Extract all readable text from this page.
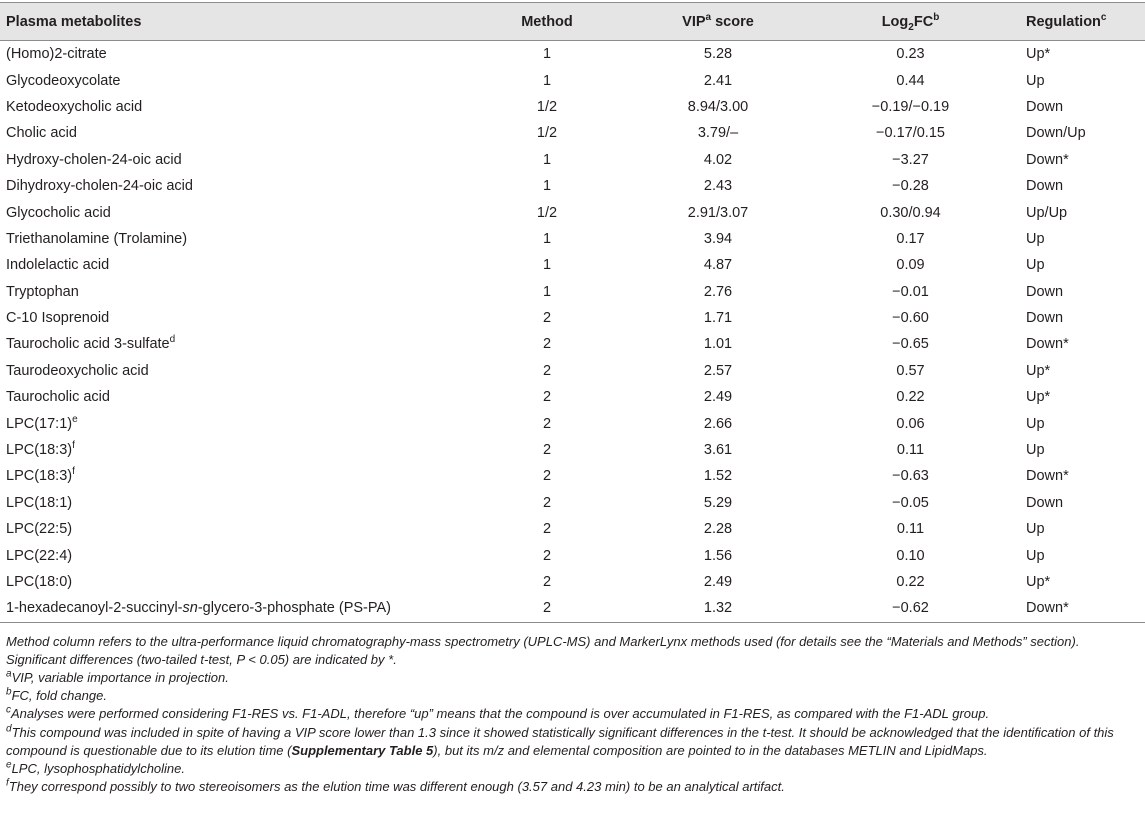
Plasma metabolites	Method	VIP$^a$ score	$Log_2FC^b$	Regulation$^c$
(Homo)2-citrate	1	5.28	0.23	Up*
Glycodeoxycolate	1	2.41	0.44	Up
Ketodeoxycholic acid	1/2	8.94/3.00	−0.19/−0.19	Down
Cholic acid	1/2	3.79/–	−0.17/0.15	Down/Up
Hydroxy-cholen-24-oic acid	1	4.02	−3.27	Down*
Dihydroxy-cholen-24-oic acid	1	2.43	−0.28	Down
Glycocholic acid	1/2	2.91/3.07	0.30/0.94	Up/Up
Triethanolamine (Trolamine)	1	3.94	0.17	Up
Indolelactic acid	1	4.87	0.09	Up
Tryptophan	1	2.76	−0.01	Down
C-10 Isoprenoid	2	1.71	−0.60	Down
Taurocholic acid 3-sulfate$^d$	2	1.01	−0.65	Down*
Taurodeoxycholic acid	2	2.57	0.57	Up*
Taurocholic acid	2	2.49	0.22	Up*
LPC(17:1)$^e$	2	2.66	0.06	Up
LPC(18:3)$^f$	2	3.61	0.11	Up
LPC(18:3)$^f$	2	1.52	−0.63	Down*
LPC(18:1)	2	5.29	−0.05	Down
LPC(22:5)	2	2.28	0.11	Up
LPC(22:4)	2	1.56	0.10	Up
LPC(18:0)	2	2.49	0.22	Up*
1-hexadecanoyl-2-succinyl-sn-glycero-3-phosphate (PS-PA)	2	1.32	−0.62	Down*

Method column refers to the ultra-performance liquid chromatography-mass spectrometry (UPLC-MS) and MarkerLynx methods used (for details see the “Materials and Methods” section). Significant differences (two-tailed t-test, P < 0.05) are indicated by *.

$^a$VIP, variable importance in projection.

$^b$FC, fold change.

$^c$Analyses were performed considering F1-RES vs. F1-ADL, therefore “up” means that the compound is over accumulated in F1-RES, as compared with the F1-ADL group.

$^d$This compound was included in spite of having a VIP score lower than 1.3 since it showed statistically significant differences in the t-test. It should be acknowledged that the identification of this compound is questionable due to its elution time (Supplementary Table 5), but its m/z and elemental composition are pointed to in the databases METLIN and LipidMaps.

$^e$LPC, lysophosphatidylcholine.

$^f$They correspond possibly to two stereoisomers as the elution time was different enough (3.57 and 4.23 min) to be an analytical artifact.
